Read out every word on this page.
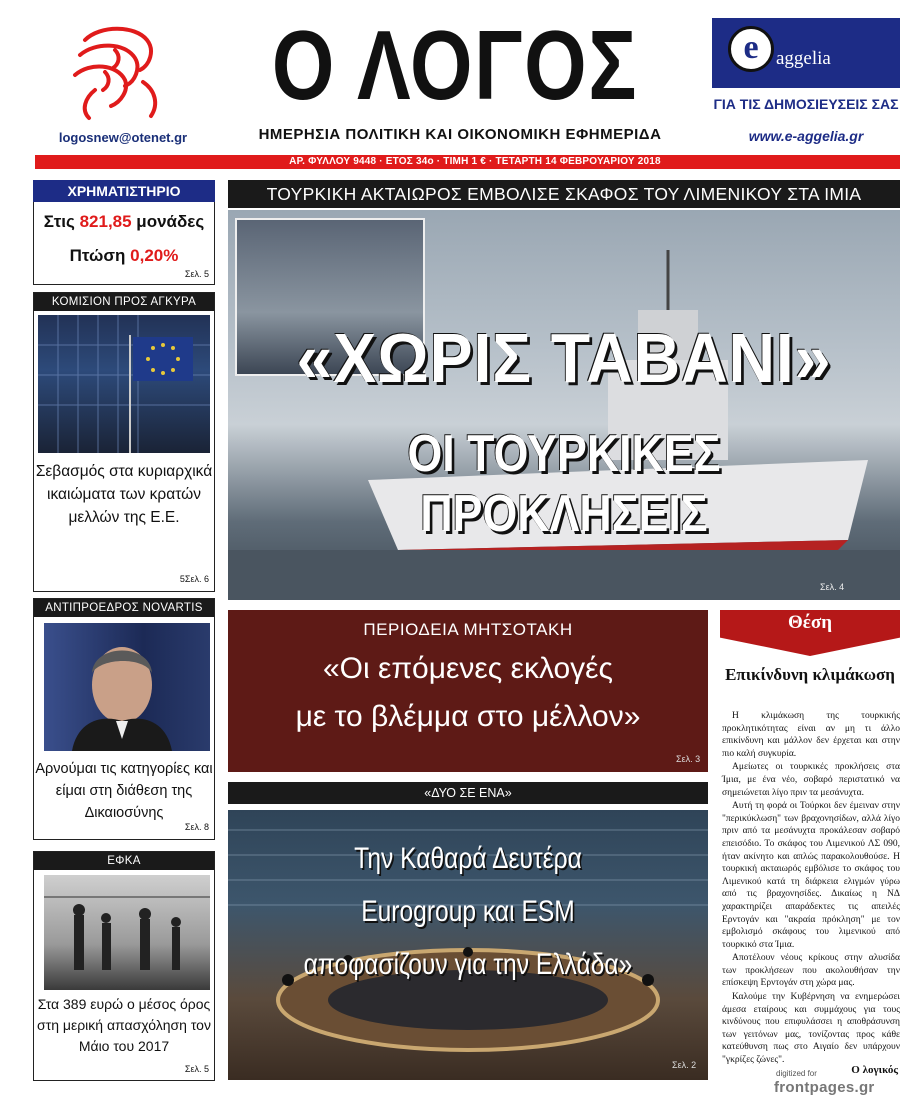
logosnew@otenet.gr
Ο ΛΟΓΟΣ
ΗΜΕΡΗΣΙΑ ΠΟΛΙΤΙΚΗ ΚΑΙ ΟΙΚΟΝΟΜΙΚΗ ΕΦΗΜΕΡΙΔΑ
e aggelia
ΓΙΑ ΤΙΣ ΔΗΜΟΣΙΕΥΣΕΙΣ ΣΑΣ
www.e-aggelia.gr
ΑΡ. ΦΥΛΛΟΥ 9448 · ΕΤΟΣ 34ο · ΤΙΜΗ 1 € · ΤΕΤΑΡΤΗ 14 ΦΕΒΡΟΥΑΡΙΟΥ 2018
ΧΡΗΜΑΤΙΣΤΗΡΙΟ
Στις 821,85 μονάδες
Πτώση 0,20%
Σελ. 5
ΚΟΜΙΣΙΟΝ ΠΡΟΣ ΑΓΚΥΡΑ
Σεβασμός στα κυριαρχικά ικαιώματα των κρατών μελλών της Ε.Ε.
5Σελ. 6
ΑΝΤΙΠΡΟΕΔΡΟΣ NOVARTIS
Αρνούμαι τις κατηγορίες και είμαι στη διάθεση της Δικαιοσύνης
Σελ. 8
ΕΦΚΑ
Στα 389 ευρώ ο μέσος όρος στη μερική απασχόληση τον Μάιο του 2017
Σελ. 5
ΤΟΥΡΚΙΚΗ ΑΚΤΑΙΩΡΟΣ ΕΜΒΟΛΙΣΕ ΣΚΑΦΟΣ ΤΟΥ ΛΙΜΕΝΙΚΟΥ ΣΤΑ ΙΜΙΑ
«ΧΩΡΙΣ ΤΑΒΑΝΙ»
ΟΙ ΤΟΥΡΚΙΚΕΣ ΠΡΟΚΛΗΣΕΙΣ
Σελ. 4
ΠΕΡΙΟΔΕΙΑ ΜΗΤΣΟΤΑΚΗ
«Οι επόμενες εκλογές
με το βλέμμα στο μέλλον»
Σελ. 3
«ΔΥΟ ΣΕ ΕΝΑ»
Την Καθαρά Δευτέρα
Eurogroup και ESM
αποφασίζουν για την Ελλάδα»
Σελ. 2
Θέση
Επικίνδυνη κλιμάκωση

Η κλιμάκωση της τουρκικής προκλητικότητας είναι αν μη τι άλλο επικίνδυνη και μάλλον δεν έρχεται και στην πιο καλή συγκυρία.

Αμείωτες οι τουρκικές προκλήσεις στα Ίμια, με ένα νέο, σοβαρό περιστατικό να σημειώνεται λίγο πριν τα μεσάνυχτα.

Αυτή τη φορά οι Τούρκοι δεν έμειναν στην "περικύκλωση" των βραχονησίδων, αλλά λίγο πριν από τα μεσάνυχτα προκάλεσαν σοβαρό επεισόδιο. Το σκάφος του Λιμενικού ΛΣ 090, ήταν ακίνητο και απλώς παρακολουθούσε. Η τουρκική ακταιωρός εμβόλισε το σκάφος του Λιμενικού κατά τη διάρκεια ελιγμών γύρω από τις βραχονησίδες. Δικαίως η ΝΔ χαρακτηρίζει απαράδεκτες τις απειλές Ερντογάν και "ακραία πρόκληση" με τον εμβολισμό σκάφους του λιμενικού από τουρκικό στα Ίμια.

Αποτέλουν νέους κρίκους στην αλυσίδα των προκλήσεων που ακολουθήσαν την επίσκεψη Ερντογάν στη χώρα μας.

Καλούμε την Κυβέρνηση να ενημερώσει άμεσα εταίρους και συμμάχους για τους κινδύνους που επιφυλάσσει η αποθράσυνση των γειτόνων μας, τονίζοντας προς κάθε κατεύθυνση πως στο Αιγαίο δεν υπάρχουν "γκρίζες ζώνες".

Ο λογικός
digitized for
frontpages.gr
